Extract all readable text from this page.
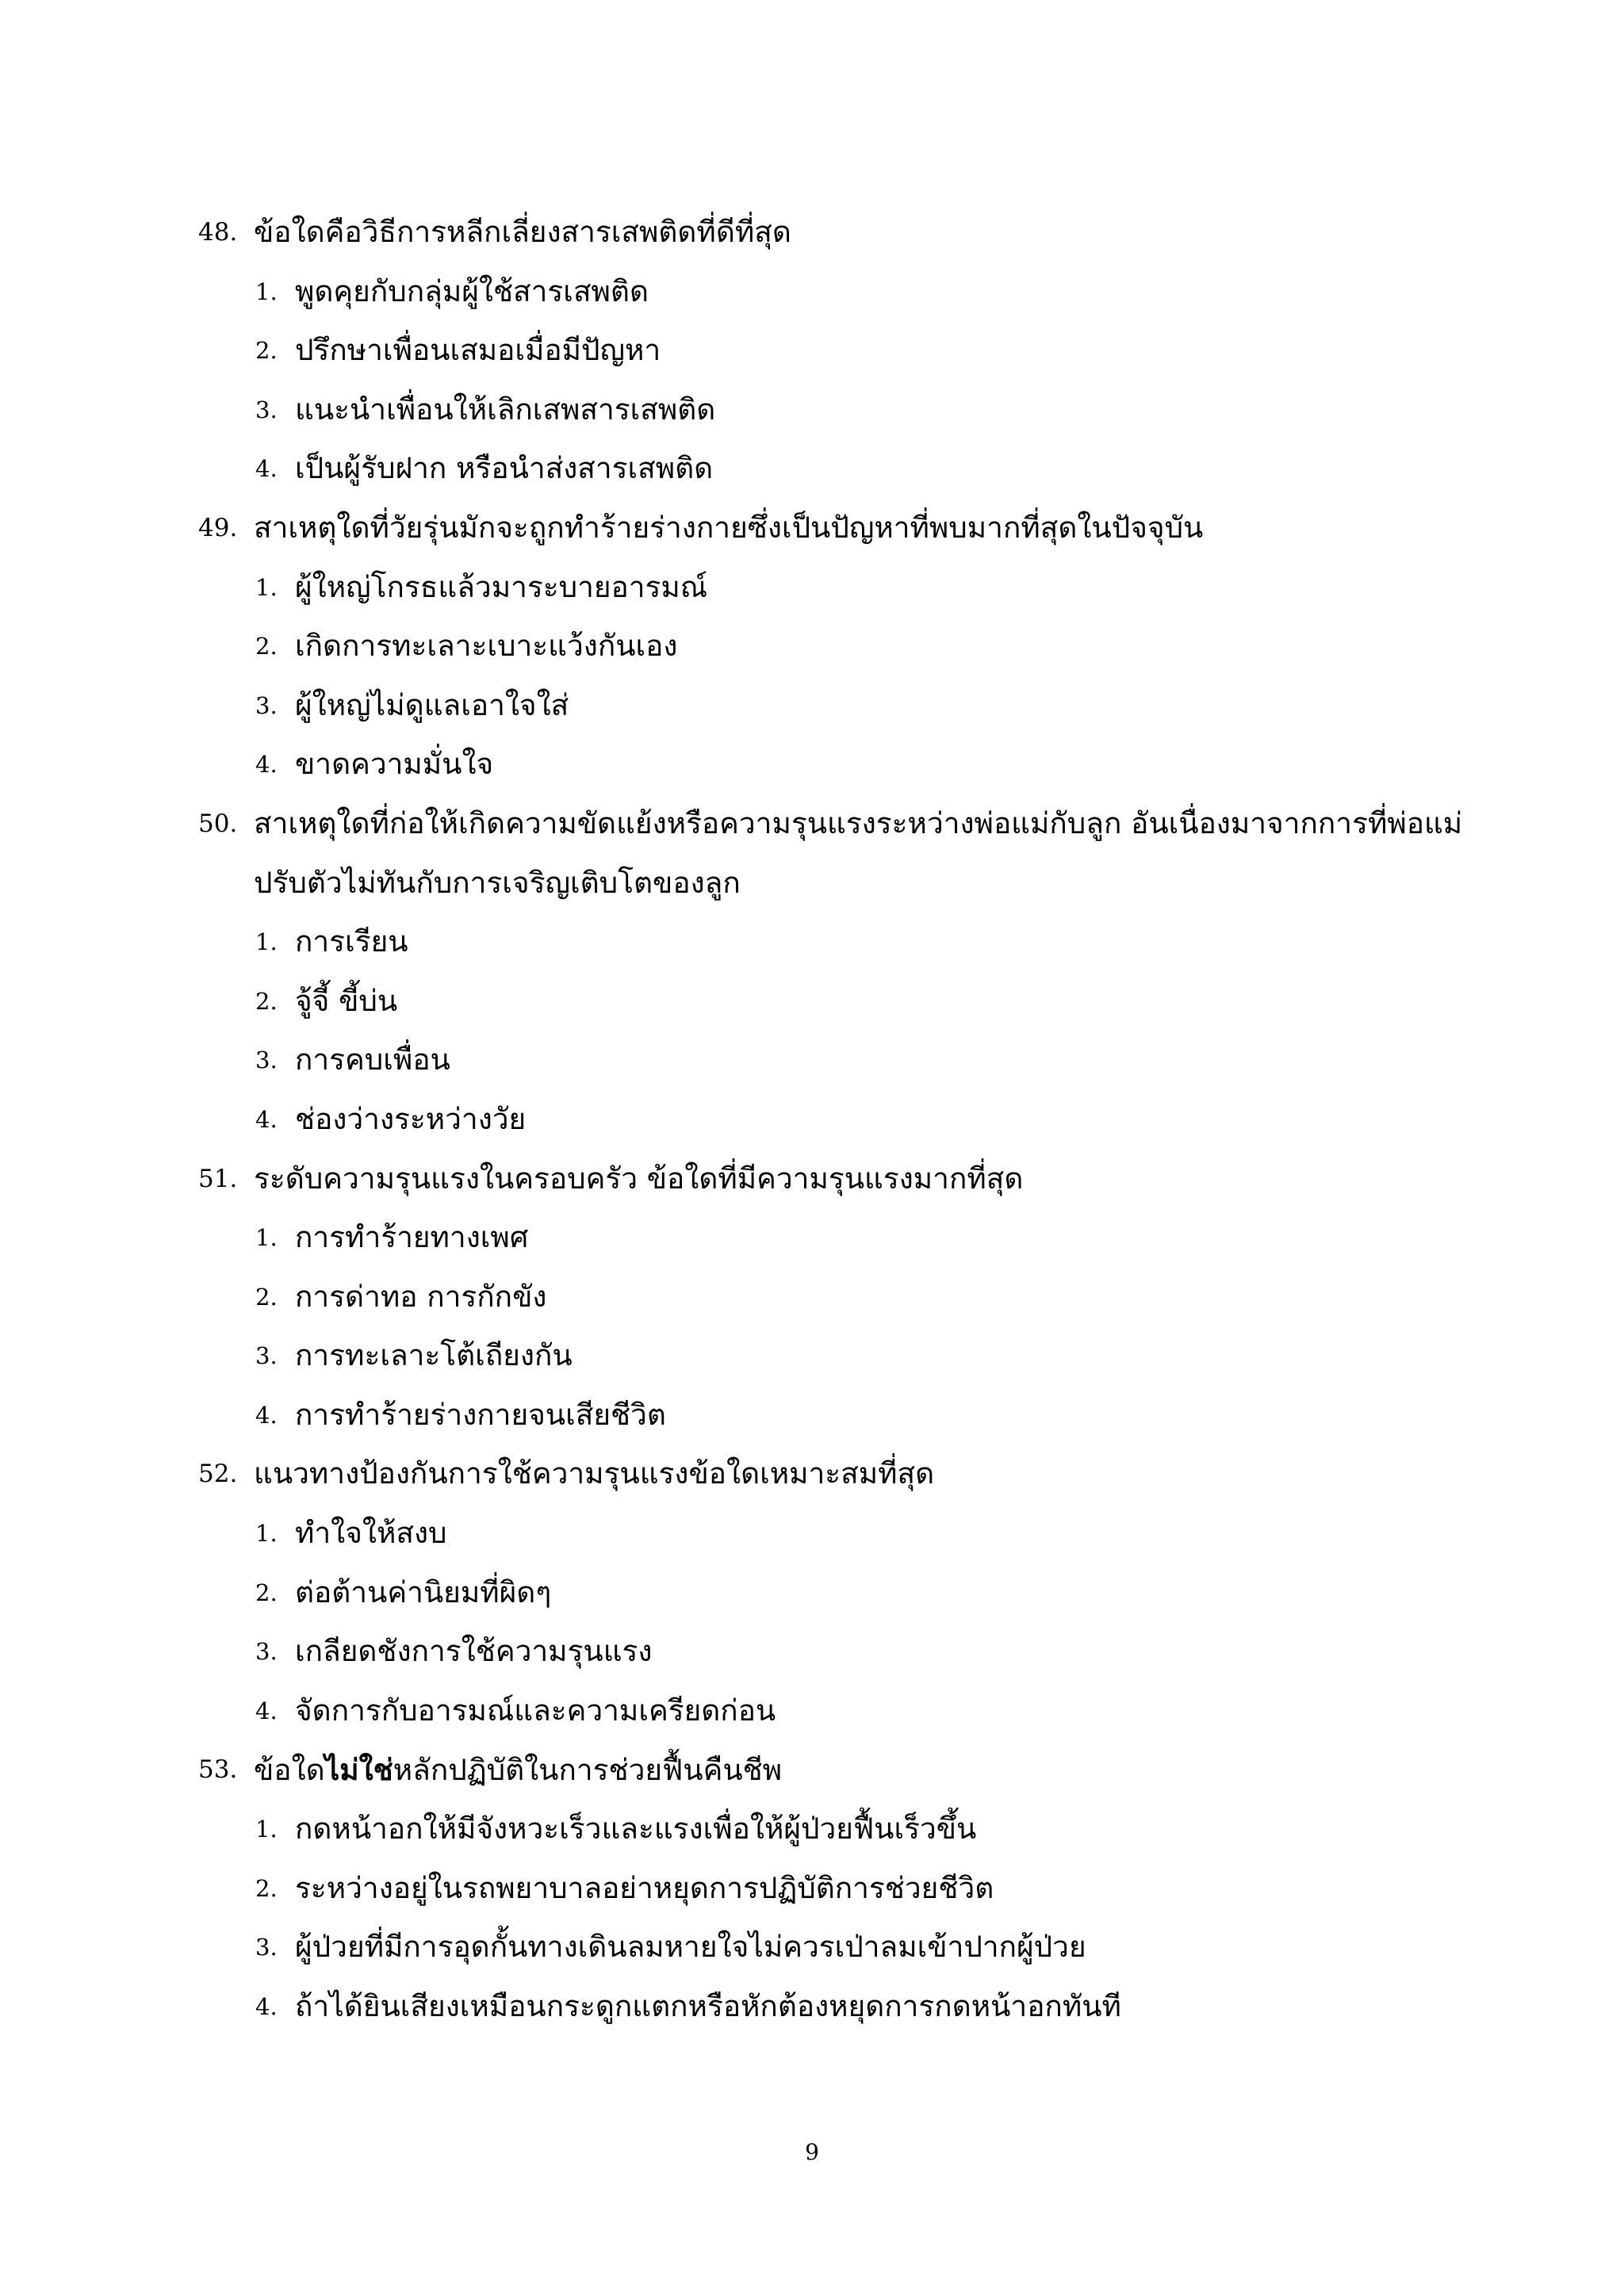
48. ข้อใดคือวิธีการหลีกเลี่ยงสารเสพติดที่ดีที่สุด
1. พูดคุยกับกลุ่มผู้ใช้สารเสพติด
2. ปรึกษาเพื่อนเสมอเมื่อมีปัญหา
3. แนะนำเพื่อนให้เลิกเสพสารเสพติด
4. เป็นผู้รับฝาก หรือนำส่งสารเสพติด
49. สาเหตุใดที่วัยรุ่นมักจะถูกทำร้ายร่างกายซึ่งเป็นปัญหาที่พบมากที่สุดในปัจจุบัน
1. ผู้ใหญ่โกรธแล้วมาระบายอารมณ์
2. เกิดการทะเลาะเบาะแว้งกันเอง
3. ผู้ใหญ่ไม่ดูแลเอาใจใส่
4. ขาดความมั่นใจ
50. สาเหตุใดที่ก่อให้เกิดความขัดแย้งหรือความรุนแรงระหว่างพ่อแม่กับลูก อันเนื่องมาจากการที่พ่อแม่
ปรับตัวไม่ทันกับการเจริญเติบโตของลูก
1. การเรียน
2. จู้จี้ ขี้บ่น
3. การคบเพื่อน
4. ช่องว่างระหว่างวัย
51. ระดับความรุนแรงในครอบครัว ข้อใดที่มีความรุนแรงมากที่สุด
1. การทำร้ายทางเพศ
2. การด่าทอ การกักขัง
3. การทะเลาะโต้เถียงกัน
4. การทำร้ายร่างกายจนเสียชีวิต
52. แนวทางป้องกันการใช้ความรุนแรงข้อใดเหมาะสมที่สุด
1. ทำใจให้สงบ
2. ต่อต้านค่านิยมที่ผิดๆ
3. เกลียดชังการใช้ความรุนแรง
4. จัดการกับอารมณ์และความเครียดก่อน
53. ข้อใดไม่ใช่หลักปฏิบัติในการช่วยฟื้นคืนชีพ
1. กดหน้าอกให้มีจังหวะเร็วและแรงเพื่อให้ผู้ป่วยฟื้นเร็วขึ้น
2. ระหว่างอยู่ในรถพยาบาลอย่าหยุดการปฏิบัติการช่วยชีวิต
3. ผู้ป่วยที่มีการอุดกั้นทางเดินลมหายใจไม่ควรเป่าลมเข้าปากผู้ป่วย
4. ถ้าได้ยินเสียงเหมือนกระดูกแตกหรือหักต้องหยุดการกดหน้าอกทันที
9
